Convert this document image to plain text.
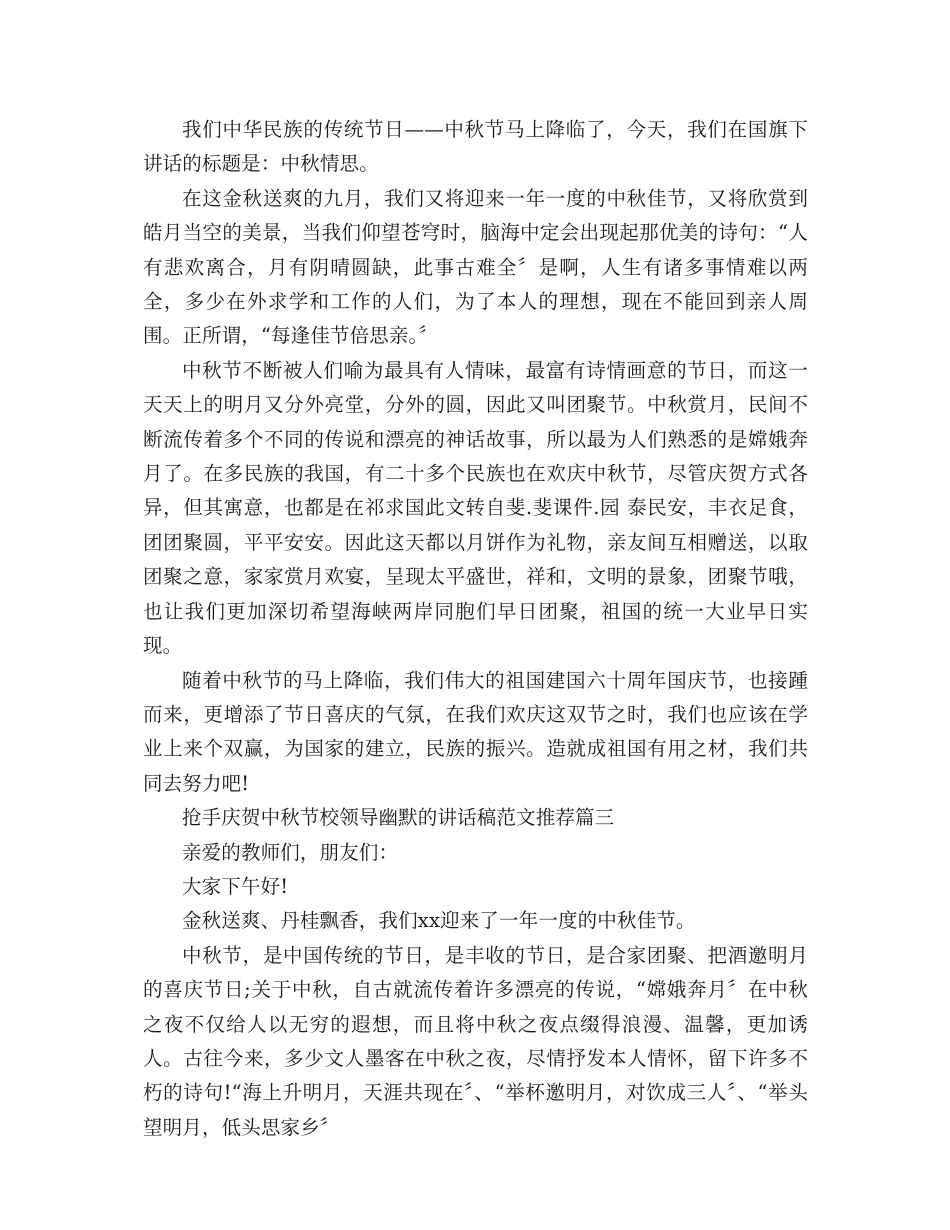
我们中华民族的传统节日——中秋节马上降临了，今天，我们在国旗下讲话的标题是：中秋情思。

在这金秋送爽的九月，我们又将迎来一年一度的中秋佳节，又将欣赏到皓月当空的美景，当我们仰望苍穹时，脑海中定会出现起那优美的诗句：“人有悲欢离合，月有阴晴圆缺，此事古难全〞是啊，人生有诸多事情难以两全，多少在外求学和工作的人们，为了本人的理想，现在不能回到亲人周围。正所谓，“每逢佳节倍思亲。〞

中秋节不断被人们喻为最具有人情味，最富有诗情画意的节日，而这一天天上的明月又分外亮堂，分外的圆，因此又叫团聚节。中秋赏月，民间不断流传着多个不同的传说和漂亮的神话故事，所以最为人们熟悉的是嫦娥奔月了。在多民族的我国，有二十多个民族也在欢庆中秋节，尽管庆贺方式各异，但其寓意，也都是在祁求国此文转自斐.斐课件.园 泰民安，丰衣足食，团团聚圆，平平安安。因此这天都以月饼作为礼物，亲友间互相赠送，以取团聚之意，家家赏月欢宴，呈现太平盛世，祥和，文明的景象，团聚节哦，也让我们更加深切希望海峡两岸同胞们早日团聚，祖国的统一大业早日实现。

随着中秋节的马上降临，我们伟大的祖国建国六十周年国庆节，也接踵而来，更增添了节日喜庆的气氛，在我们欢庆这双节之时，我们也应该在学业上来个双赢，为国家的建立，民族的振兴。造就成祖国有用之材，我们共同去努力吧!

抢手庆贺中秋节校领导幽默的讲话稿范文推荐篇三

亲爱的教师们，朋友们：

大家下午好!

金秋送爽、丹桂飘香，我们xx迎来了一年一度的中秋佳节。

中秋节，是中国传统的节日，是丰收的节日，是合家团聚、把酒邀明月的喜庆节日;关于中秋，自古就流传着许多漂亮的传说，“嫦娥奔月〞在中秋之夜不仅给人以无穷的遐想，而且将中秋之夜点缀得浪漫、温馨，更加诱人。古往今来，多少文人墨客在中秋之夜，尽情抒发本人情怀，留下许多不朽的诗句!“海上升明月，天涯共现在〞、“举杯邀明月，对饮成三人〞、“举头望明月，低头思家乡〞
